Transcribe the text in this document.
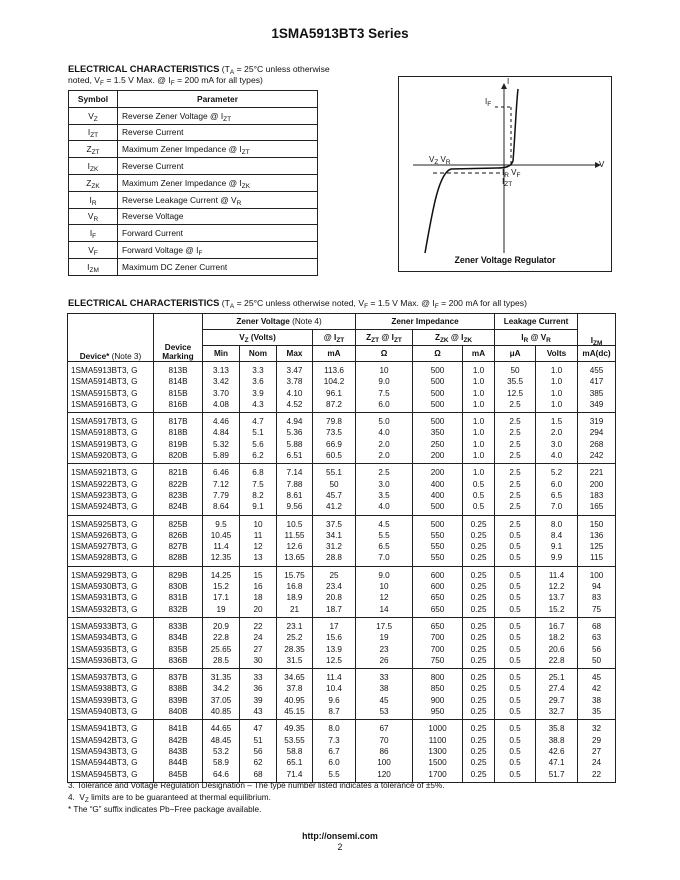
1SMA5913BT3 Series
ELECTRICAL CHARACTERISTICS ($T_A = 25^\circ C$ unless otherwise noted, $V_F = 1.5$ V Max. @ $I_F = 200$ mA for all types)
Symbol	Parameter
$V_Z$	Reverse Zener Voltage @ $I_{ZT}$
$I_{ZT}$	Reverse Current
$Z_{ZT}$	Maximum Zener Impedance @ $I_{ZT}$
$I_{ZK}$	Reverse Current
$Z_{ZK}$	Maximum Zener Impedance @ $I_{ZK}$
$I_R$	Reverse Leakage Current @ $V_R$
$V_R$	Reverse Voltage
$I_F$	Forward Current
$V_F$	Forward Voltage @ $I_F$
$I_{ZM}$	Maximum DC Zener Current
I
$I_F$
V
$V_Z$ $V_R$
$I_R$ $V_F$
$I_{ZT}$
Zener Voltage Regulator
ELECTRICAL CHARACTERISTICS ($T_A = 25^\circ C$ unless otherwise noted, $V_F = 1.5$ V Max. @ $I_F = 200$ mA for all types)
Device* (Note 3)	Device Marking	Zener Voltage (Note 4)				Zener Impedance			Leakage Current		$I_{ZM}$
		$V_Z$ (Volts)			@ $I_{ZT}$	$Z_{ZT}$ @ $I_{ZT}$	$Z_{ZK}$ @ $I_{ZK}$		$I_R$ @ $V_R$
		Min	Nom	Max	mA	Ω	Ω	mA	μA	Volts	mA(dc)
1SMA5913BT3, G	813B	3.13	3.3	3.47	113.6	10	500	1.0	50	1.0	455
1SMA5914BT3, G	814B	3.42	3.6	3.78	104.2	9.0	500	1.0	35.5	1.0	417
1SMA5915BT3, G	815B	3.70	3.9	4.10	96.1	7.5	500	1.0	12.5	1.0	385
1SMA5916BT3, G	816B	4.08	4.3	4.52	87.2	6.0	500	1.0	2.5	1.0	349
1SMA5917BT3, G	817B	4.46	4.7	4.94	79.8	5.0	500	1.0	2.5	1.5	319
1SMA5918BT3, G	818B	4.84	5.1	5.36	73.5	4.0	350	1.0	2.5	2.0	294
1SMA5919BT3, G	819B	5.32	5.6	5.88	66.9	2.0	250	1.0	2.5	3.0	268
1SMA5920BT3, G	820B	5.89	6.2	6.51	60.5	2.0	200	1.0	2.5	4.0	242
1SMA5921BT3, G	821B	6.46	6.8	7.14	55.1	2.5	200	1.0	2.5	5.2	221
1SMA5922BT3, G	822B	7.12	7.5	7.88	50	3.0	400	0.5	2.5	6.0	200
1SMA5923BT3, G	823B	7.79	8.2	8.61	45.7	3.5	400	0.5	2.5	6.5	183
1SMA5924BT3, G	824B	8.64	9.1	9.56	41.2	4.0	500	0.5	2.5	7.0	165
1SMA5925BT3, G	825B	9.5	10	10.5	37.5	4.5	500	0.25	2.5	8.0	150
1SMA5926BT3, G	826B	10.45	11	11.55	34.1	5.5	550	0.25	0.5	8.4	136
1SMA5927BT3, G	827B	11.4	12	12.6	31.2	6.5	550	0.25	0.5	9.1	125
1SMA5928BT3, G	828B	12.35	13	13.65	28.8	7.0	550	0.25	0.5	9.9	115
1SMA5929BT3, G	829B	14.25	15	15.75	25	9.0	600	0.25	0.5	11.4	100
1SMA5930BT3, G	830B	15.2	16	16.8	23.4	10	600	0.25	0.5	12.2	94
1SMA5931BT3, G	831B	17.1	18	18.9	20.8	12	650	0.25	0.5	13.7	83
1SMA5932BT3, G	832B	19	20	21	18.7	14	650	0.25	0.5	15.2	75
1SMA5933BT3, G	833B	20.9	22	23.1	17	17.5	650	0.25	0.5	16.7	68
1SMA5934BT3, G	834B	22.8	24	25.2	15.6	19	700	0.25	0.5	18.2	63
1SMA5935BT3, G	835B	25.65	27	28.35	13.9	23	700	0.25	0.5	20.6	56
1SMA5936BT3, G	836B	28.5	30	31.5	12.5	26	750	0.25	0.5	22.8	50
1SMA5937BT3, G	837B	31.35	33	34.65	11.4	33	800	0.25	0.5	25.1	45
1SMA5938BT3, G	838B	34.2	36	37.8	10.4	38	850	0.25	0.5	27.4	42
1SMA5939BT3, G	839B	37.05	39	40.95	9.6	45	900	0.25	0.5	29.7	38
1SMA5940BT3, G	840B	40.85	43	45.15	8.7	53	950	0.25	0.5	32.7	35
1SMA5941BT3, G	841B	44.65	47	49.35	8.0	67	1000	0.25	0.5	35.8	32
1SMA5942BT3, G	842B	48.45	51	53.55	7.3	70	1100	0.25	0.5	38.8	29
1SMA5943BT3, G	843B	53.2	56	58.8	6.7	86	1300	0.25	0.5	42.6	27
1SMA5944BT3, G	844B	58.9	62	65.1	6.0	100	1500	0.25	0.5	47.1	24
1SMA5945BT3, G	845B	64.6	68	71.4	5.5	120	1700	0.25	0.5	51.7	22
3. Tolerance and Voltage Regulation Designation – The type number listed indicates a tolerance of ±5%.
4.  $V_Z$ limits are to be guaranteed at thermal equilibrium.
* The “G” suffix indicates Pb−Free package available.
http://onsemi.com
2
